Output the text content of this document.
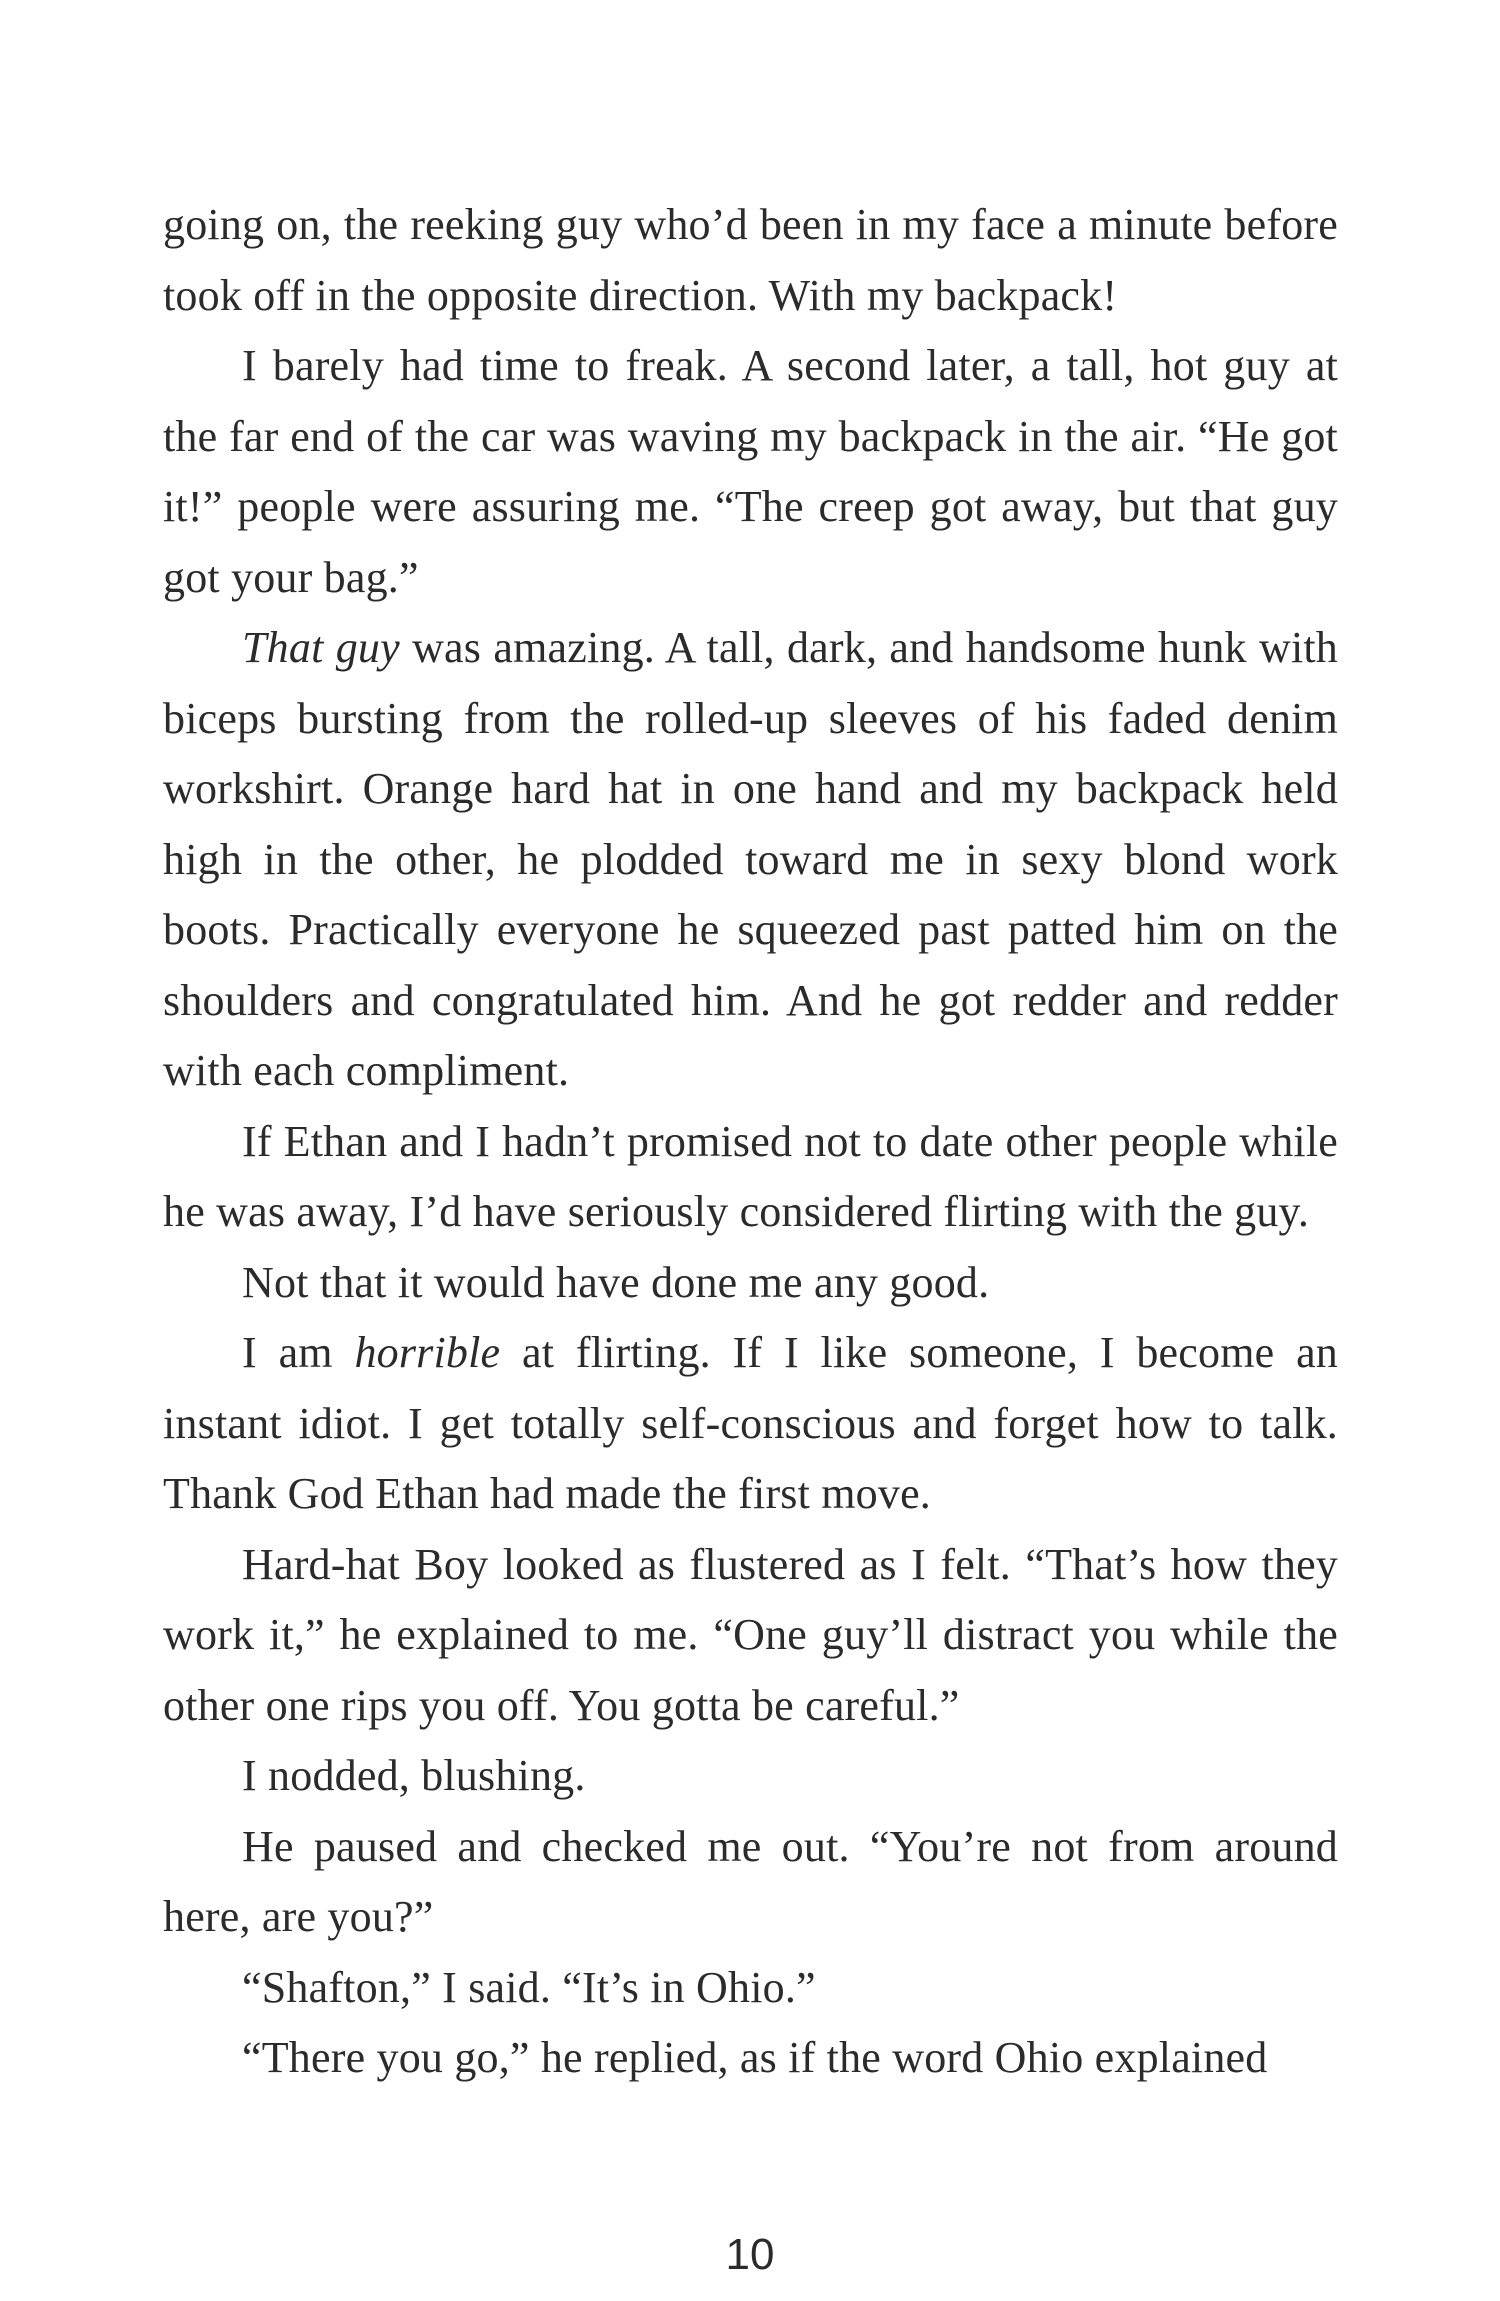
going on, the reeking guy who’d been in my face a minute before took off in the opposite direction. With my backpack!

I barely had time to freak. A second later, a tall, hot guy at the far end of the car was waving my backpack in the air. “He got it!” people were assuring me. “The creep got away, but that guy got your bag.”

That guy was amazing. A tall, dark, and handsome hunk with biceps bursting from the rolled-up sleeves of his faded denim workshirt. Orange hard hat in one hand and my backpack held high in the other, he plodded toward me in sexy blond work boots. Practically everyone he squeezed past patted him on the shoulders and congratulated him. And he got redder and redder with each compliment.

If Ethan and I hadn’t promised not to date other people while he was away, I’d have seriously considered flirting with the guy.

Not that it would have done me any good.

I am horrible at flirting. If I like someone, I become an instant idiot. I get totally self-conscious and forget how to talk. Thank God Ethan had made the first move.

Hard-hat Boy looked as flustered as I felt. “That’s how they work it,” he explained to me. “One guy’ll distract you while the other one rips you off. You gotta be careful.”

I nodded, blushing.

He paused and checked me out. “You’re not from around here, are you?”

“Shafton,” I said. “It’s in Ohio.”

“There you go,” he replied, as if the word Ohio explained

10
